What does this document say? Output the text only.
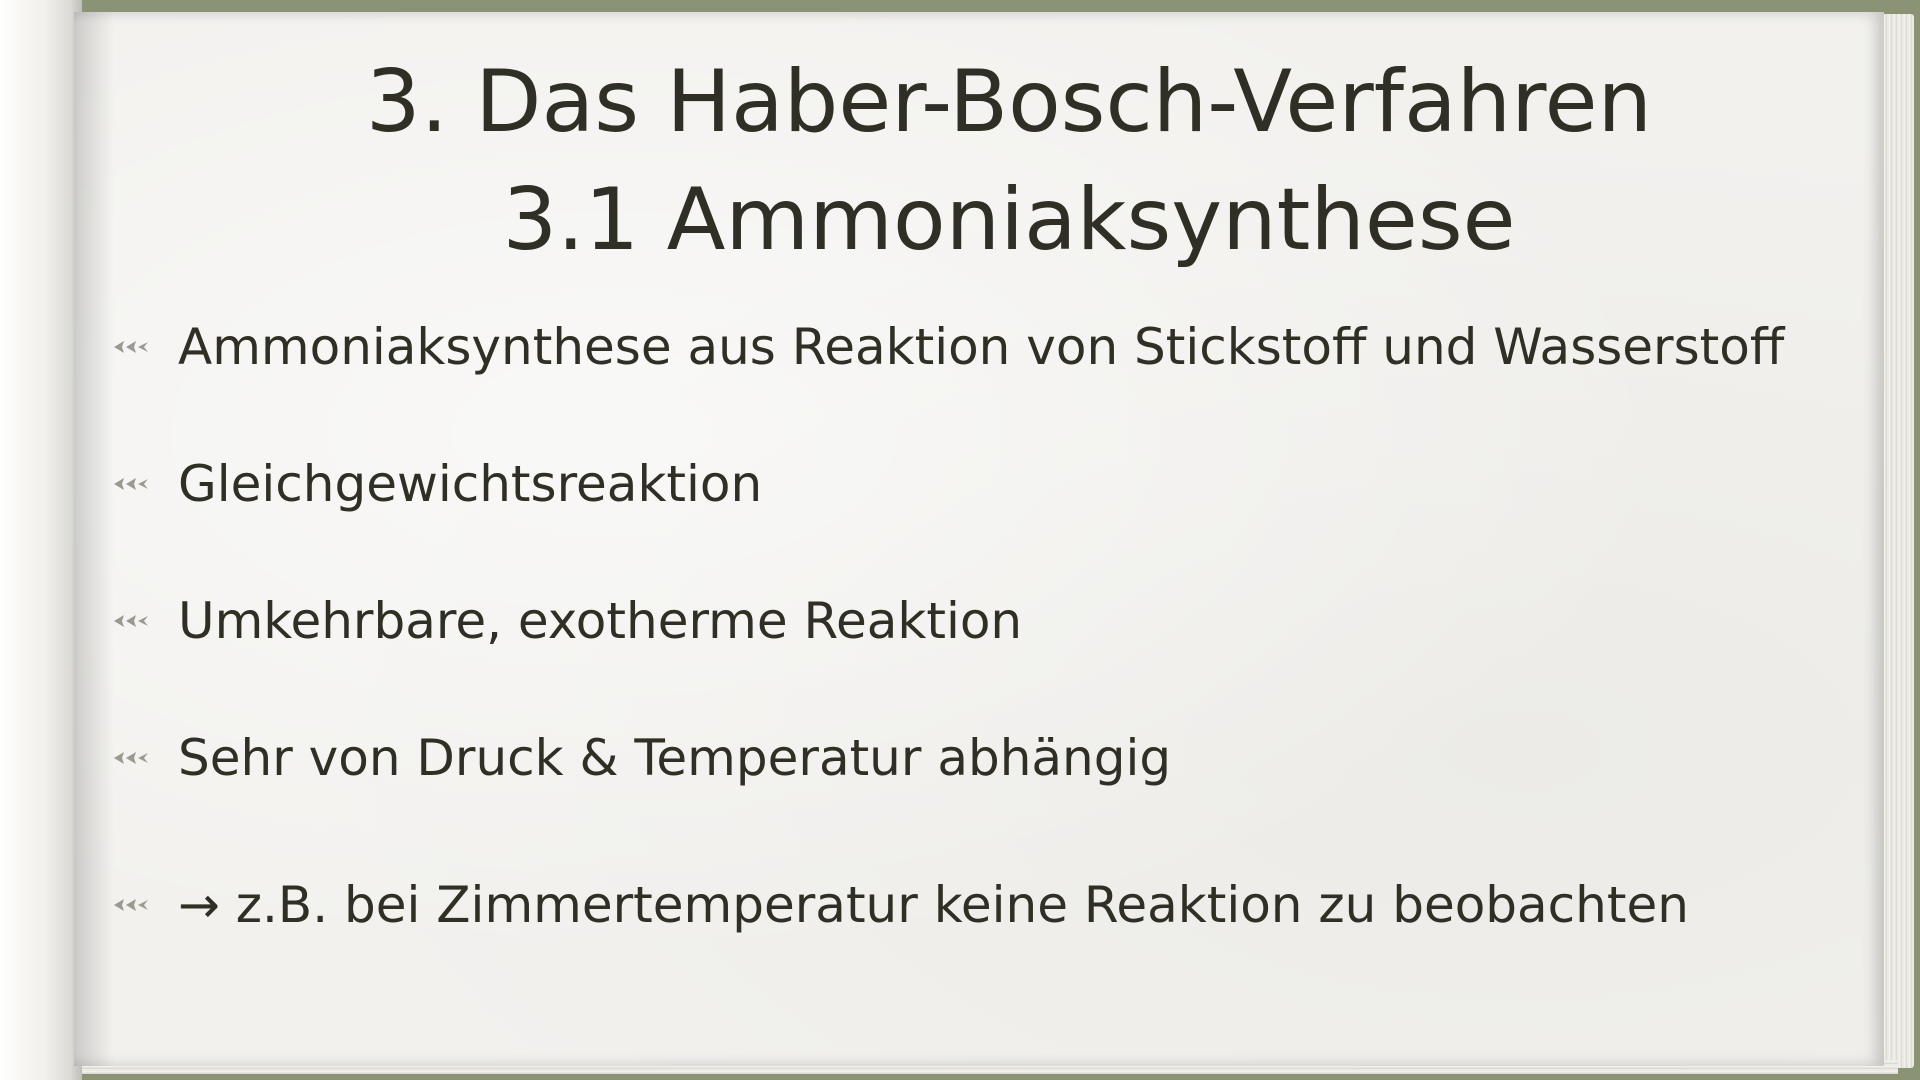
3. Das Haber-Bosch-Verfahren
3.1 Ammoniaksynthese
Ammoniaksynthese aus Reaktion von Stickstoff und Wasserstoff
Gleichgewichtsreaktion
Umkehrbare, exotherme Reaktion
Sehr von Druck & Temperatur abhängig
→ z.B. bei Zimmertemperatur keine Reaktion zu beobachten
